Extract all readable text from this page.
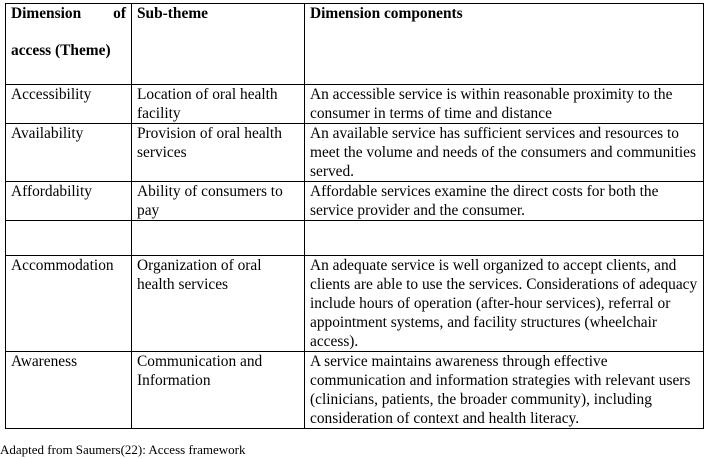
Dimension of
access (Theme)	Sub-theme	Dimension components
Accessibility	Location of oral health facility	An accessible service is within reasonable proximity to the consumer in terms of time and distance
Availability	Provision of oral health services	An available service has sufficient services and resources to meet the volume and needs of the consumers and communities served.
Affordability	Ability of consumers to pay	Affordable services examine the direct costs for both the service provider and the consumer.

Accommodation	Organization of oral health services	An adequate service is well organized to accept clients, and clients are able to use the services. Considerations of adequacy include hours of operation (after-hour services), referral or appointment systems, and facility structures (wheelchair access).
Awareness	Communication and Information	A service maintains awareness through effective communication and information strategies with relevant users (clinicians, patients, the broader community), including consideration of context and health literacy.
Adapted from Saumers(22): Access framework
